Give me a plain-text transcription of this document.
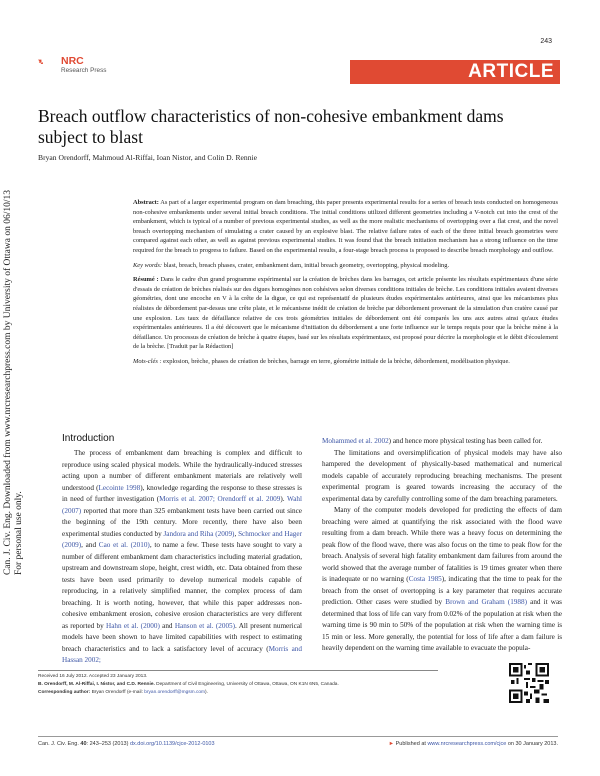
Can. J. Civ. Eng. Downloaded from www.nrcresearchpress.com by University of Ottawa on 06/10/13 For personal use only.
243
NRC
Research Press	ARTICLE
Breach outflow characteristics of non-cohesive embankment dams subject to blast
Bryan Orendorff, Mahmoud Al-Riffai, Ioan Nistor, and Colin D. Rennie

Abstract: As part of a larger experimental program on dam breaching, this paper presents experimental results for a series of breach tests conducted on homogeneous non-cohesive embankments under several initial breach conditions. The initial conditions utilized different geometries including a V-notch cut into the crest of the embankment, which is typical of a number of previous experimental studies, as well as the more realistic mechanisms of overtopping over a flat crest, and the novel breach overtopping mechanism of simulating a crater caused by an explosive blast. The relative failure rates of each of the three initial breach geometries were compared against each other, as well as against previous experimental studies. It was found that the breach initiation mechanism has a strong influence on the time required for the breach to progress to failure. Based on the experimental results, a four-stage breach process is proposed to describe breach morphology and outflow.

Key words: blast, breach, breach phases, crater, embankment dam, initial breach geometry, overtopping, physical modeling.

Résumé : Dans le cadre d'un grand programme expérimental sur la création de brèches dans les barrages, cet article présente les résultats expérimentaux d'une série d'essais de création de brèches réalisés sur des digues homogènes non cohésives selon diverses conditions initiales de brèche. Les conditions initiales avaient diverses géométries, dont une encoche en V à la crête de la digue, ce qui est représentatif de plusieurs études expérimentales antérieures, ainsi que les mécanismes plus réalistes de débordement par-dessus une crête plate, et le mécanisme inédit de création de brèche par débordement provenant de la simulation d'un cratère causé par une explosion. Les taux de défaillance relative de ces trois géométries initiales de débordement ont été comparés les uns aux autres ainsi qu'aux études expérimentales antérieures. Il a été découvert que le mécanisme d'initiation du débordement a une forte influence sur le temps requis pour que la brèche mène à la défaillance. Un processus de création de brèche à quatre étapes, basé sur les résultats expérimentaux, est proposé pour décrire la morphologie et le débit d'écoulement de la brèche. [Traduit par la Rédaction]

Mots-clés : explosion, brèche, phases de création de brèches, barrage en terre, géométrie initiale de la brèche, débordement, modélisation physique.

Introduction

The process of embankment dam breaching is complex and difficult to reproduce using scaled physical models. While the hydraulically-induced stresses acting upon a number of different embankment materials are relatively well understood (Lecointe 1998), knowledge regarding the response to these stresses is in need of further investigation (Morris et al. 2007; Orendorff et al. 2009). Wahl (2007) reported that more than 325 embankment tests have been carried out since the beginning of the 19th century. More recently, there have also been experimental studies conducted by Jandora and Riha (2009), Schmocker and Hager (2009), and Cao et al. (2010), to name a few. These tests have sought to vary a number of different embankment dam characteristics including material gradation, upstream and downstream slope, height, crest width, etc. Data obtained from these tests have been used primarily to develop numerical models capable of reproducing, in a relatively simplified manner, the complex process of dam breaching. It is worth noting, however, that while this paper addresses non-cohesive embankment erosion, cohesive erosion characteristics are very different as reported by Hahn et al. (2000) and Hanson et al. (2005). All present numerical models have been shown to have limited capabilities with respect to estimating breach characteristics and to lack a satisfactory level of accuracy (Morris and Hassan 2002;

Mohammed et al. 2002) and hence more physical testing has been called for.

The limitations and oversimplification of physical models may have also hampered the development of physically-based mathematical and numerical models capable of accurately reproducing breaching mechanisms. The present experimental program is geared towards increasing the accuracy of the experimental data by carefully controlling some of the dam breaching parameters.

Many of the computer models developed for predicting the effects of dam breaching were aimed at quantifying the risk associated with the flood wave resulting from a dam breach. While there was a heavy focus on determining the peak flow of the flood wave, there was also focus on the time to peak flow for the breach. Analysis of several high fatality embankment dam failures from around the world showed that the average number of fatalities is 19 times greater when there is inadequate or no warning (Costa 1985), indicating that the time to peak for the breach from the onset of overtopping is a key parameter that requires accurate prediction. Other cases were studied by Brown and Graham (1988) and it was determined that loss of life can vary from 0.02% of the population at risk when the warning time is 90 min to 50% of the population at risk when the warning time is 15 min or less. More generally, the potential for loss of life after a dam failure is heavily dependent on the warning time available to evacuate the popula-

Received 16 July 2012. Accepted 23 January 2013.
B. Orendorff, M. Al-Riffai, I. Nistor, and C.D. Rennie. Department of Civil Engineering, University of Ottawa, Ottawa, ON K1N 6N5, Canada.
Corresponding author: Bryan Orendorff (e-mail: bryan.orendorff@mgsm.com).
Can. J. Civ. Eng. 40: 243–253 (2013) dx.doi.org/10.1139/cjce-2012-0103	► Published at www.nrcresearchpress.com/cjce on 30 January 2013.
